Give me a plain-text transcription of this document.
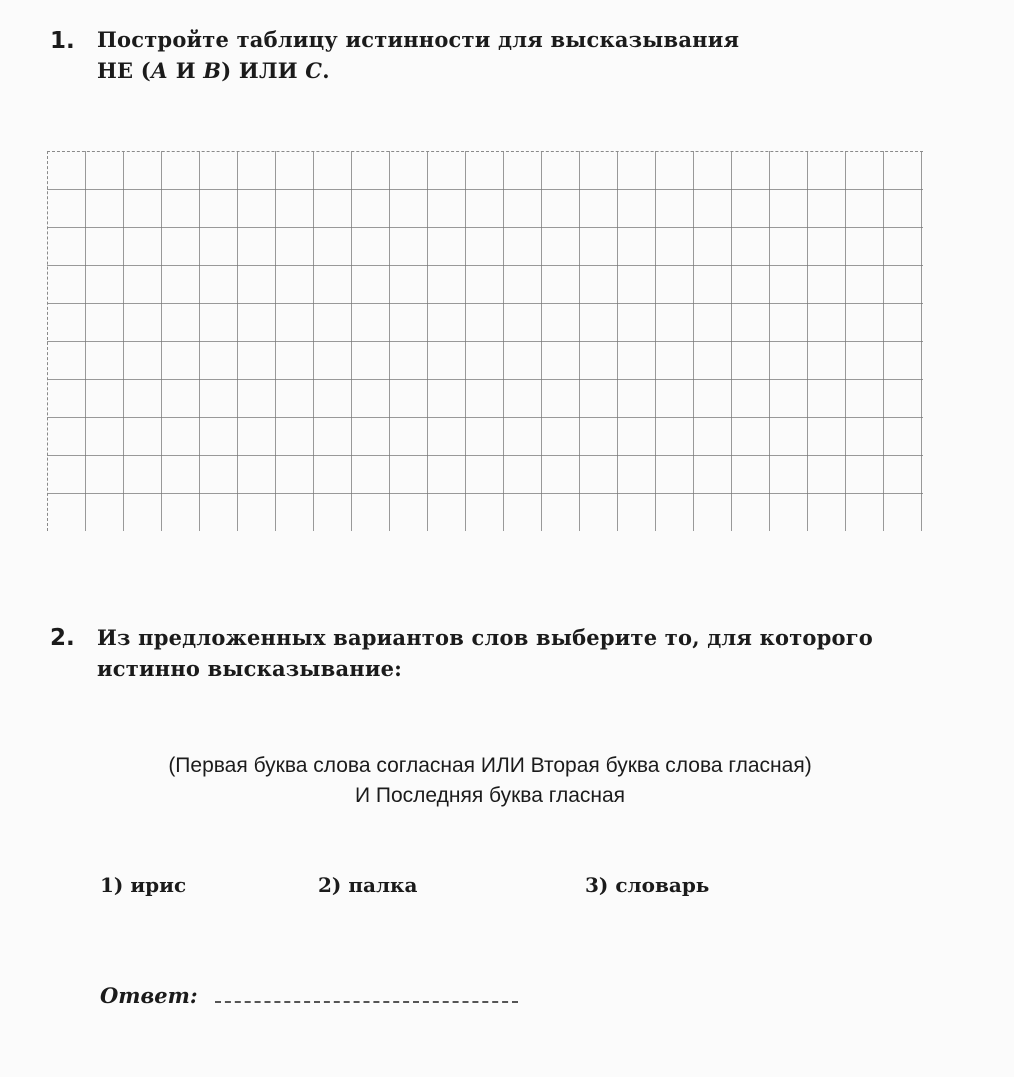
1. Постройте таблицу истинности для высказывания
НЕ (А И В) ИЛИ С.
2. Из предложенных вариантов слов выберите то, для которого
истинно высказывание:
(Первая буква слова согласная ИЛИ Вторая буква слова гласная)
И Последняя буква гласная
1) ирис	2) палка	3) словарь
Ответ:
